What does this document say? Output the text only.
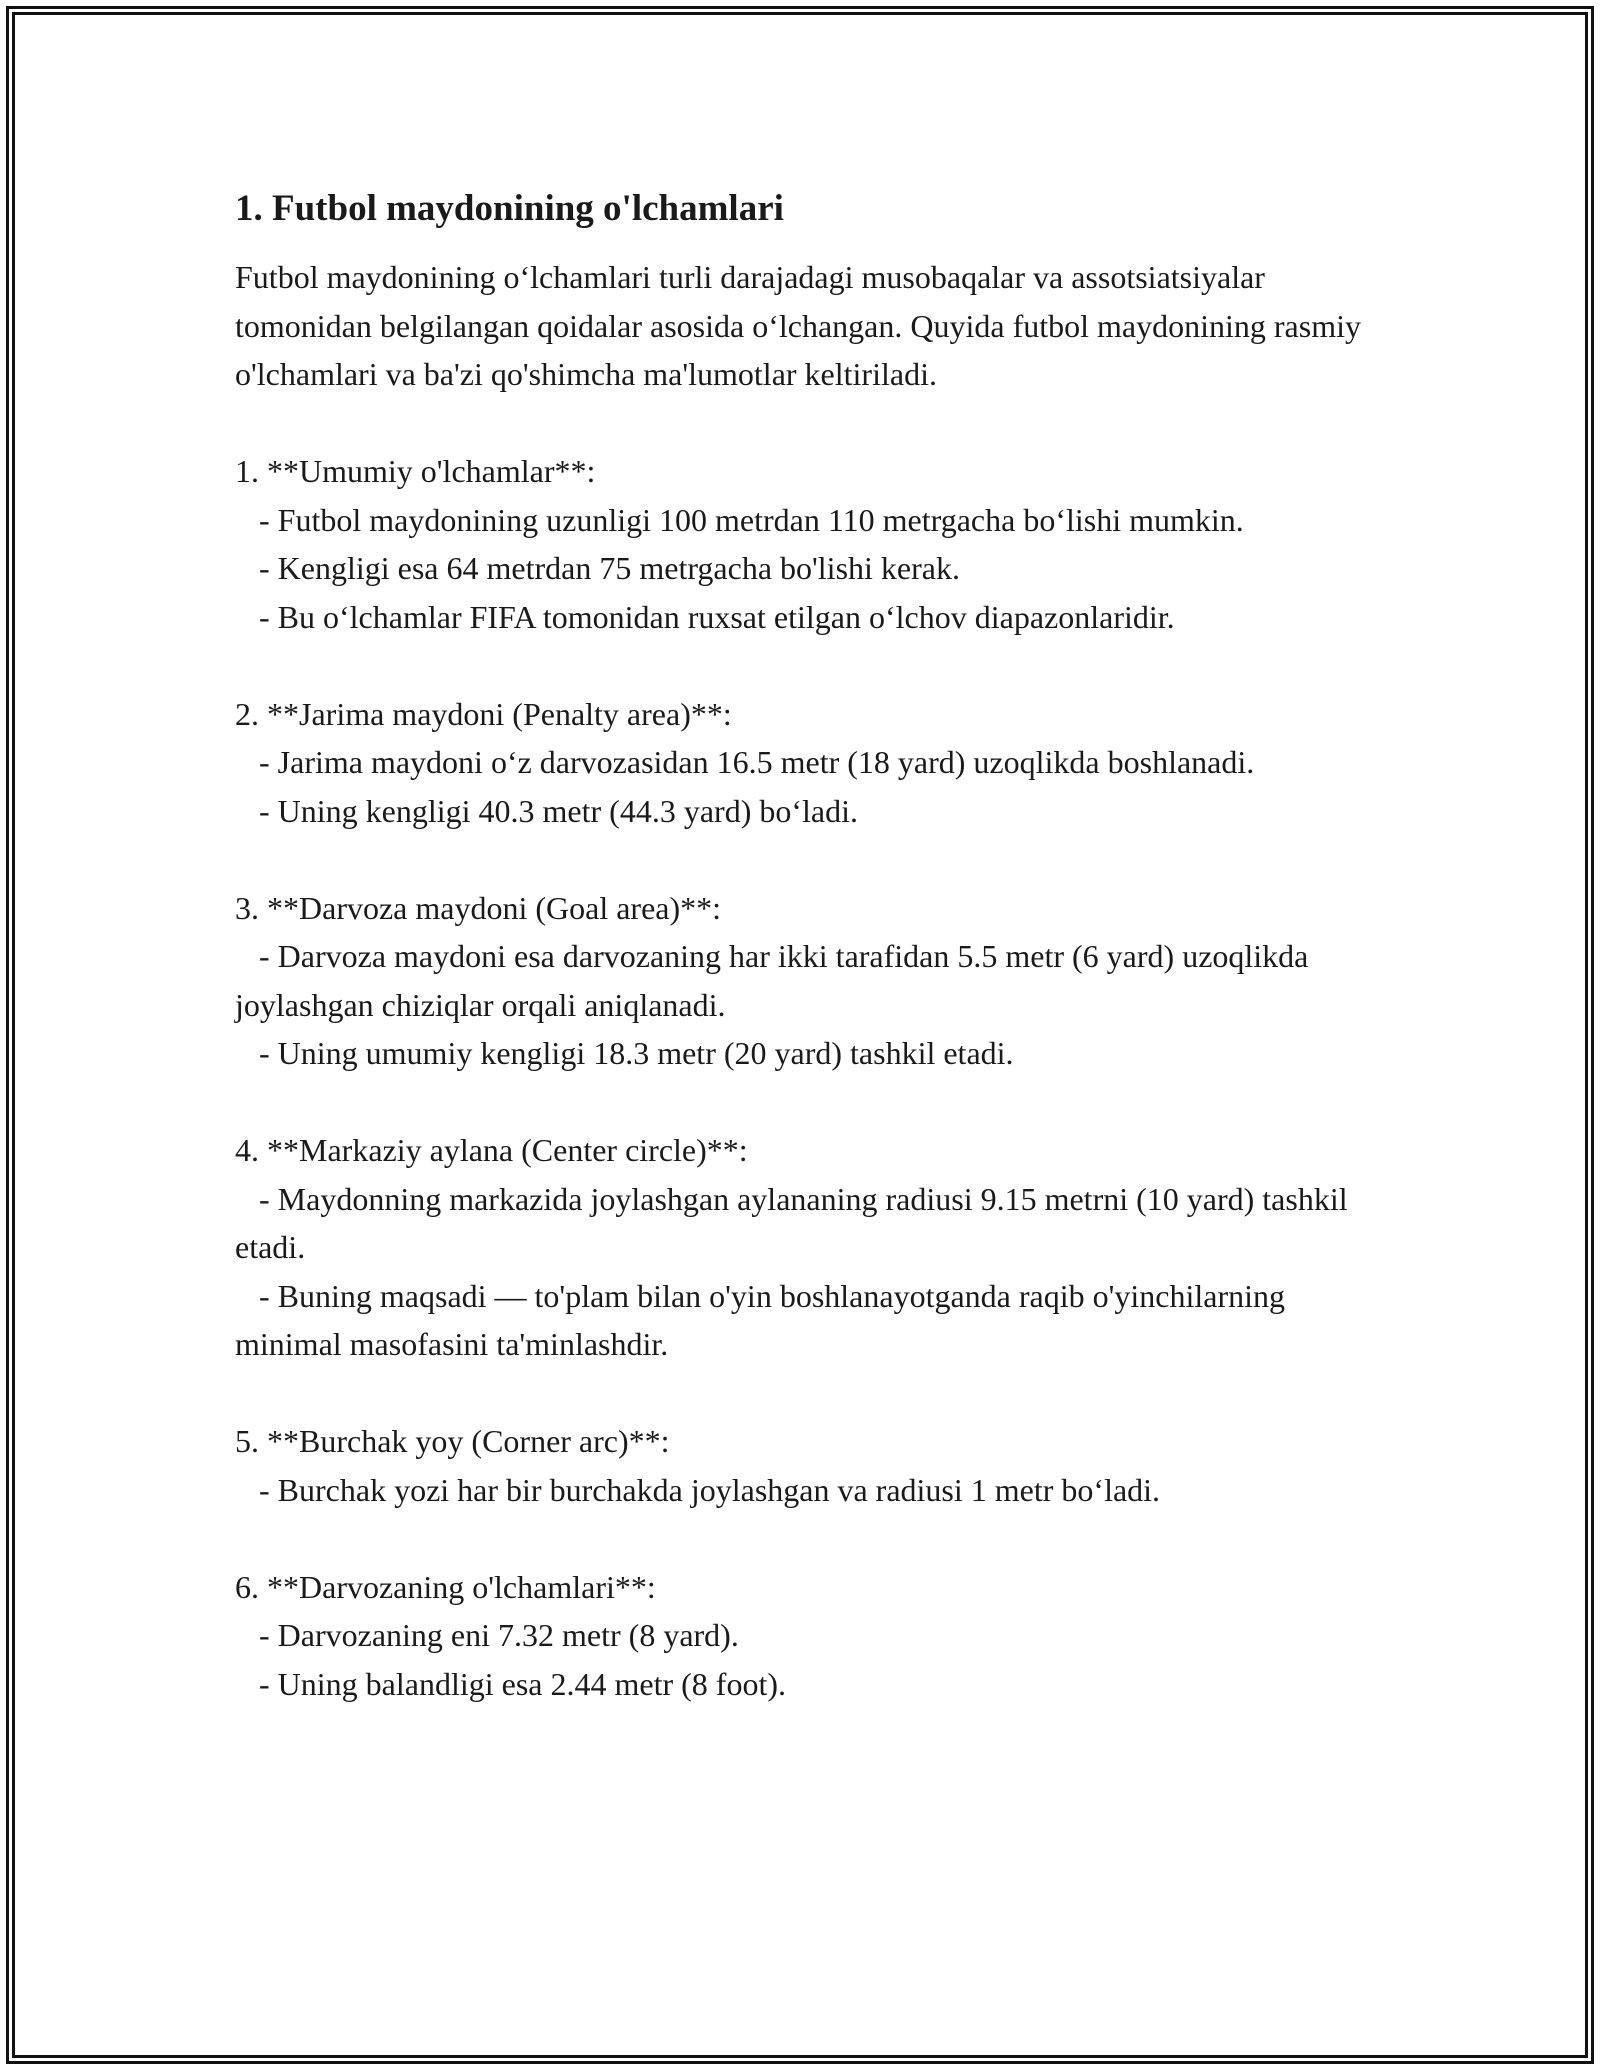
1. Futbol maydonining o'lchamlari

Futbol maydonining o‘lchamlari turli darajadagi musobaqalar va assotsiatsiyalar tomonidan belgilangan qoidalar asosida o‘lchangan. Quyida futbol maydonining rasmiy o'lchamlari va ba'zi qo'shimcha ma'lumotlar keltiriladi.

1. **Umumiy o'lchamlar**:

- Futbol maydonining uzunligi 100 metrdan 110 metrgacha bo‘lishi mumkin.

- Kengligi esa 64 metrdan 75 metrgacha bo'lishi kerak.

- Bu o‘lchamlar FIFA tomonidan ruxsat etilgan o‘lchov diapazonlaridir.

2. **Jarima maydoni (Penalty area)**:

- Jarima maydoni o‘z darvozasidan 16.5 metr (18 yard) uzoqlikda boshlanadi.

- Uning kengligi 40.3 metr (44.3 yard) bo‘ladi.

3. **Darvoza maydoni (Goal area)**:

- Darvoza maydoni esa darvozaning har ikki tarafidan 5.5 metr (6 yard) uzoqlikda joylashgan chiziqlar orqali aniqlanadi.

- Uning umumiy kengligi 18.3 metr (20 yard) tashkil etadi.

4. **Markaziy aylana (Center circle)**:

- Maydonning markazida joylashgan aylananing radiusi 9.15 metrni (10 yard) tashkil etadi.

- Buning maqsadi — to'plam bilan o'yin boshlanayotganda raqib o'yinchilarning minimal masofasini ta'minlashdir.

5. **Burchak yoy (Corner arc)**:

- Burchak yozi har bir burchakda joylashgan va radiusi 1 metr bo‘ladi.

6. **Darvozaning o'lchamlari**:

- Darvozaning eni 7.32 metr (8 yard).

- Uning balandligi esa 2.44 metr (8 foot).
